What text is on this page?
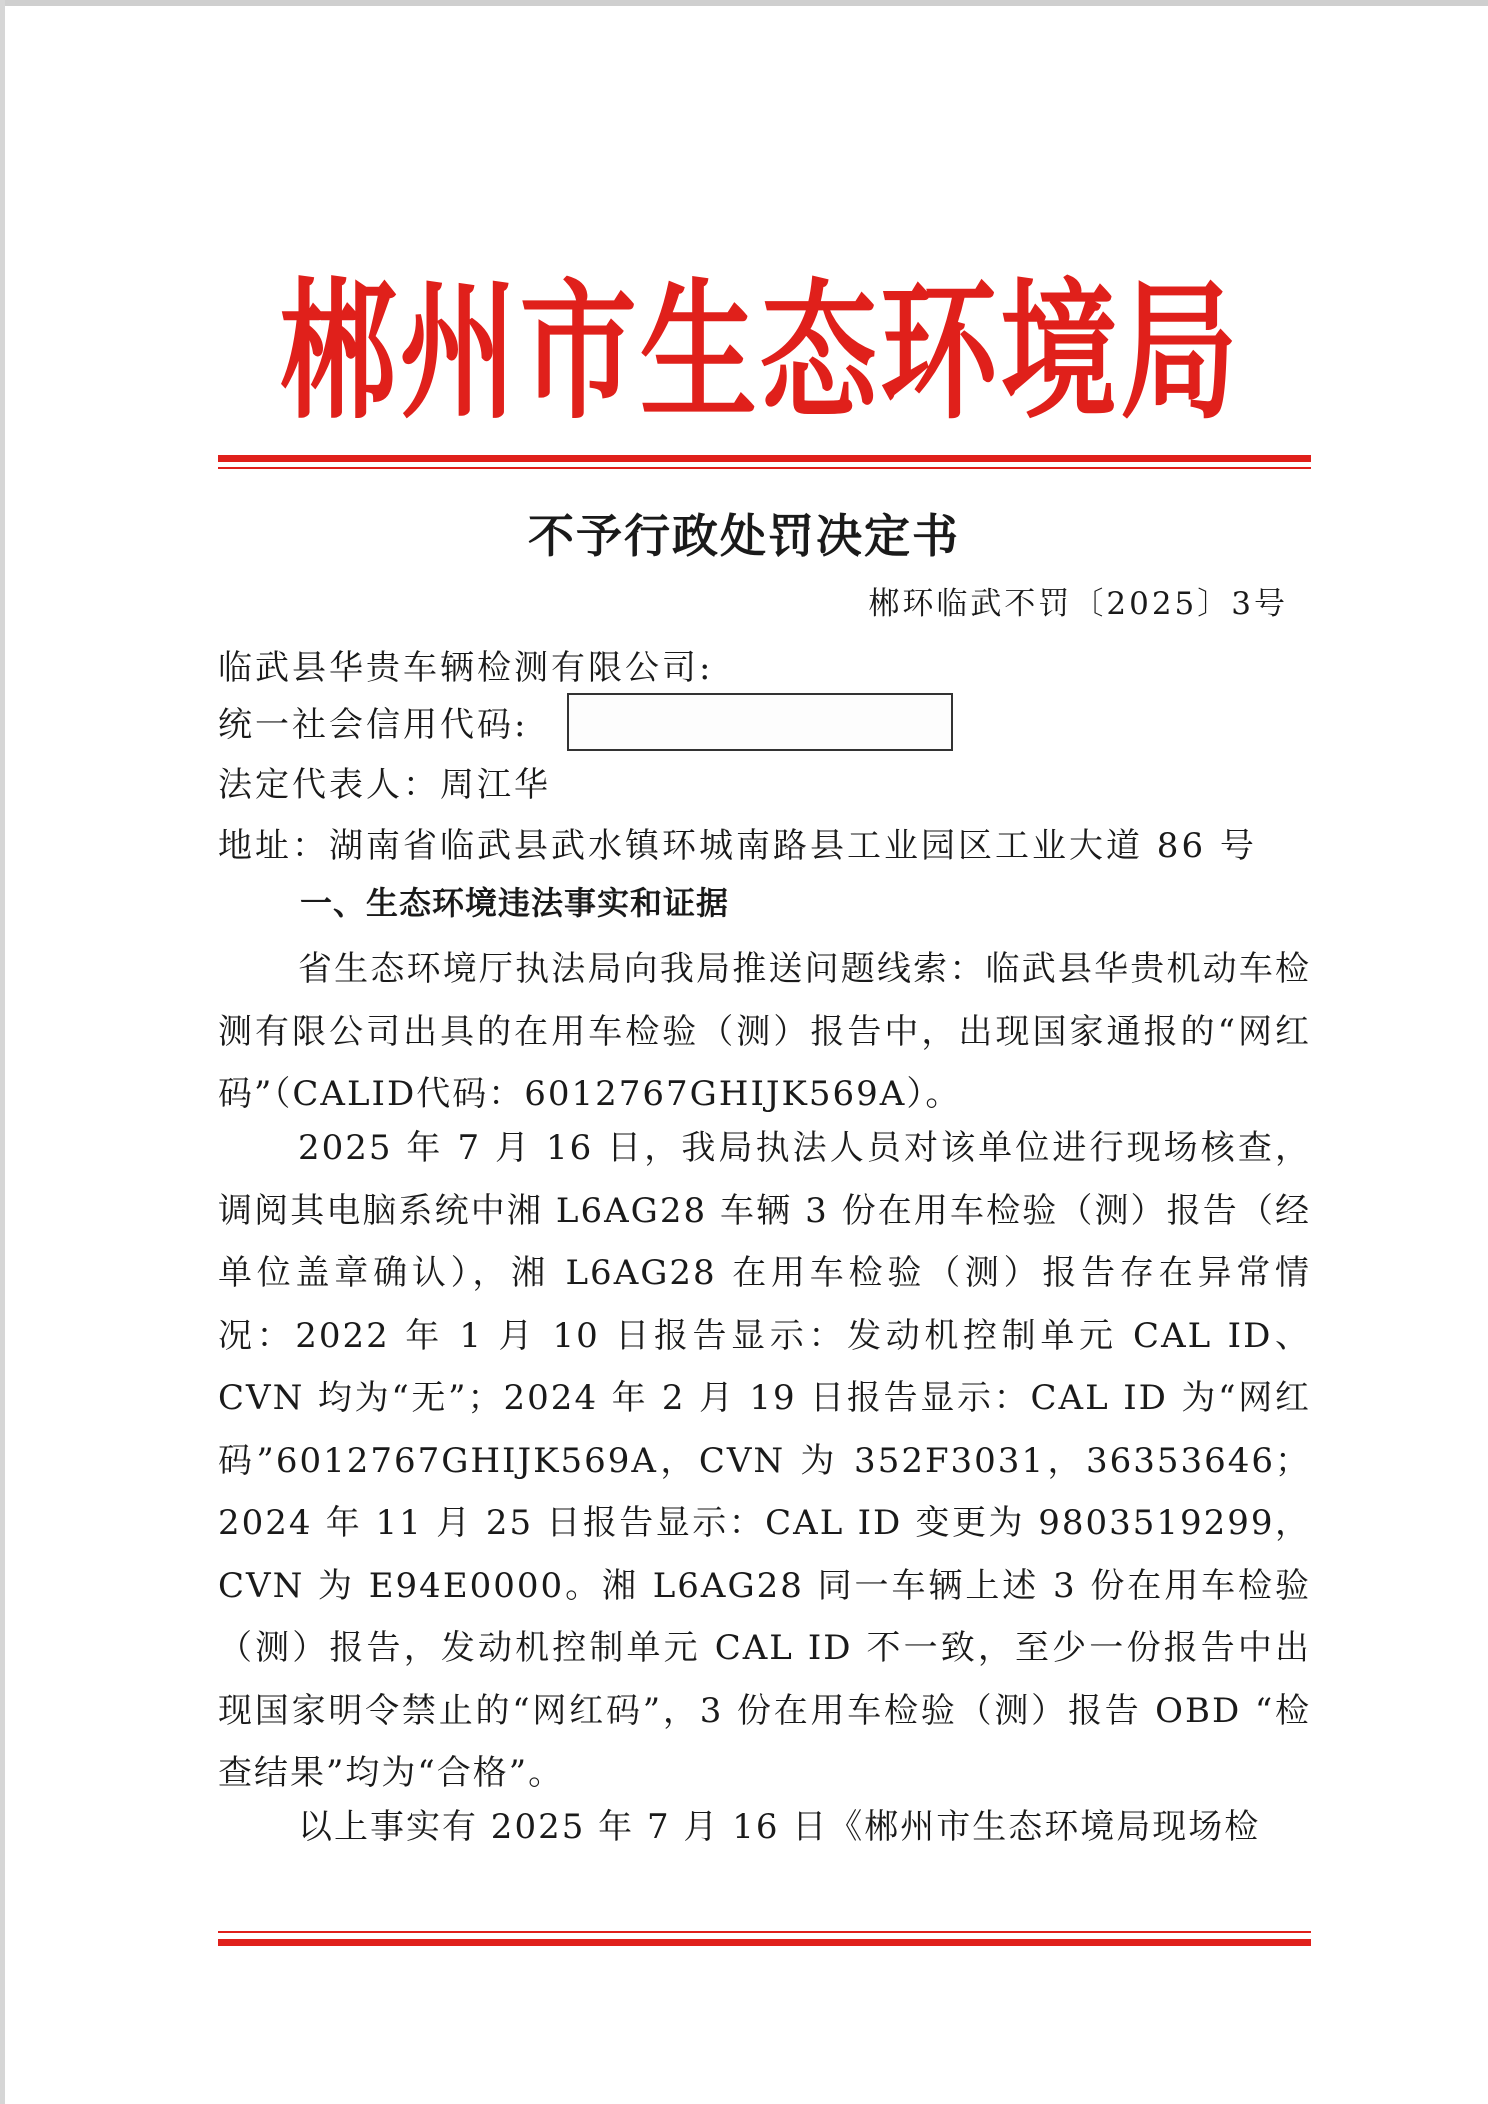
郴州市生态环境局
不予行政处罚决定书
郴环临武不罚〔2025〕3号
临武县华贵车辆检测有限公司:
统一社会信用代码:
法定代表人：周江华
地址：湖南省临武县武水镇环城南路县工业园区工业大道 86 号
一、生态环境违法事实和证据

省生态环境厅执法局向我局推送问题线索：临武县华贵机动车检测有限公司出具的在用车检验（测）报告中，出现国家通报的“网红码”（CALID代码：6012767GHIJK569A）。

2025 年 7 月 16 日，我局执法人员对该单位进行现场核查，调阅其电脑系统中湘 L6AG28 车辆 3 份在用车检验（测）报告（经单位盖章确认），湘 L6AG28 在用车检验（测）报告存在异常情况：2022 年 1 月 10 日报告显示：发动机控制单元 CAL ID、CVN 均为“无”；2024 年 2 月 19 日报告显示：CAL ID 为“网红码”6012767GHIJK569A，CVN 为 352F3031，36353646；2024 年 11 月 25 日报告显示：CAL ID 变更为 9803519299，CVN 为 E94E0000。湘 L6AG28 同一车辆上述 3 份在用车检验（测）报告，发动机控制单元 CAL ID 不一致，至少一份报告中出现国家明令禁止的“网红码”，3 份在用车检验（测）报告 OBD “检查结果”均为“合格”。

以上事实有 2025 年 7 月 16 日《郴州市生态环境局现场检
